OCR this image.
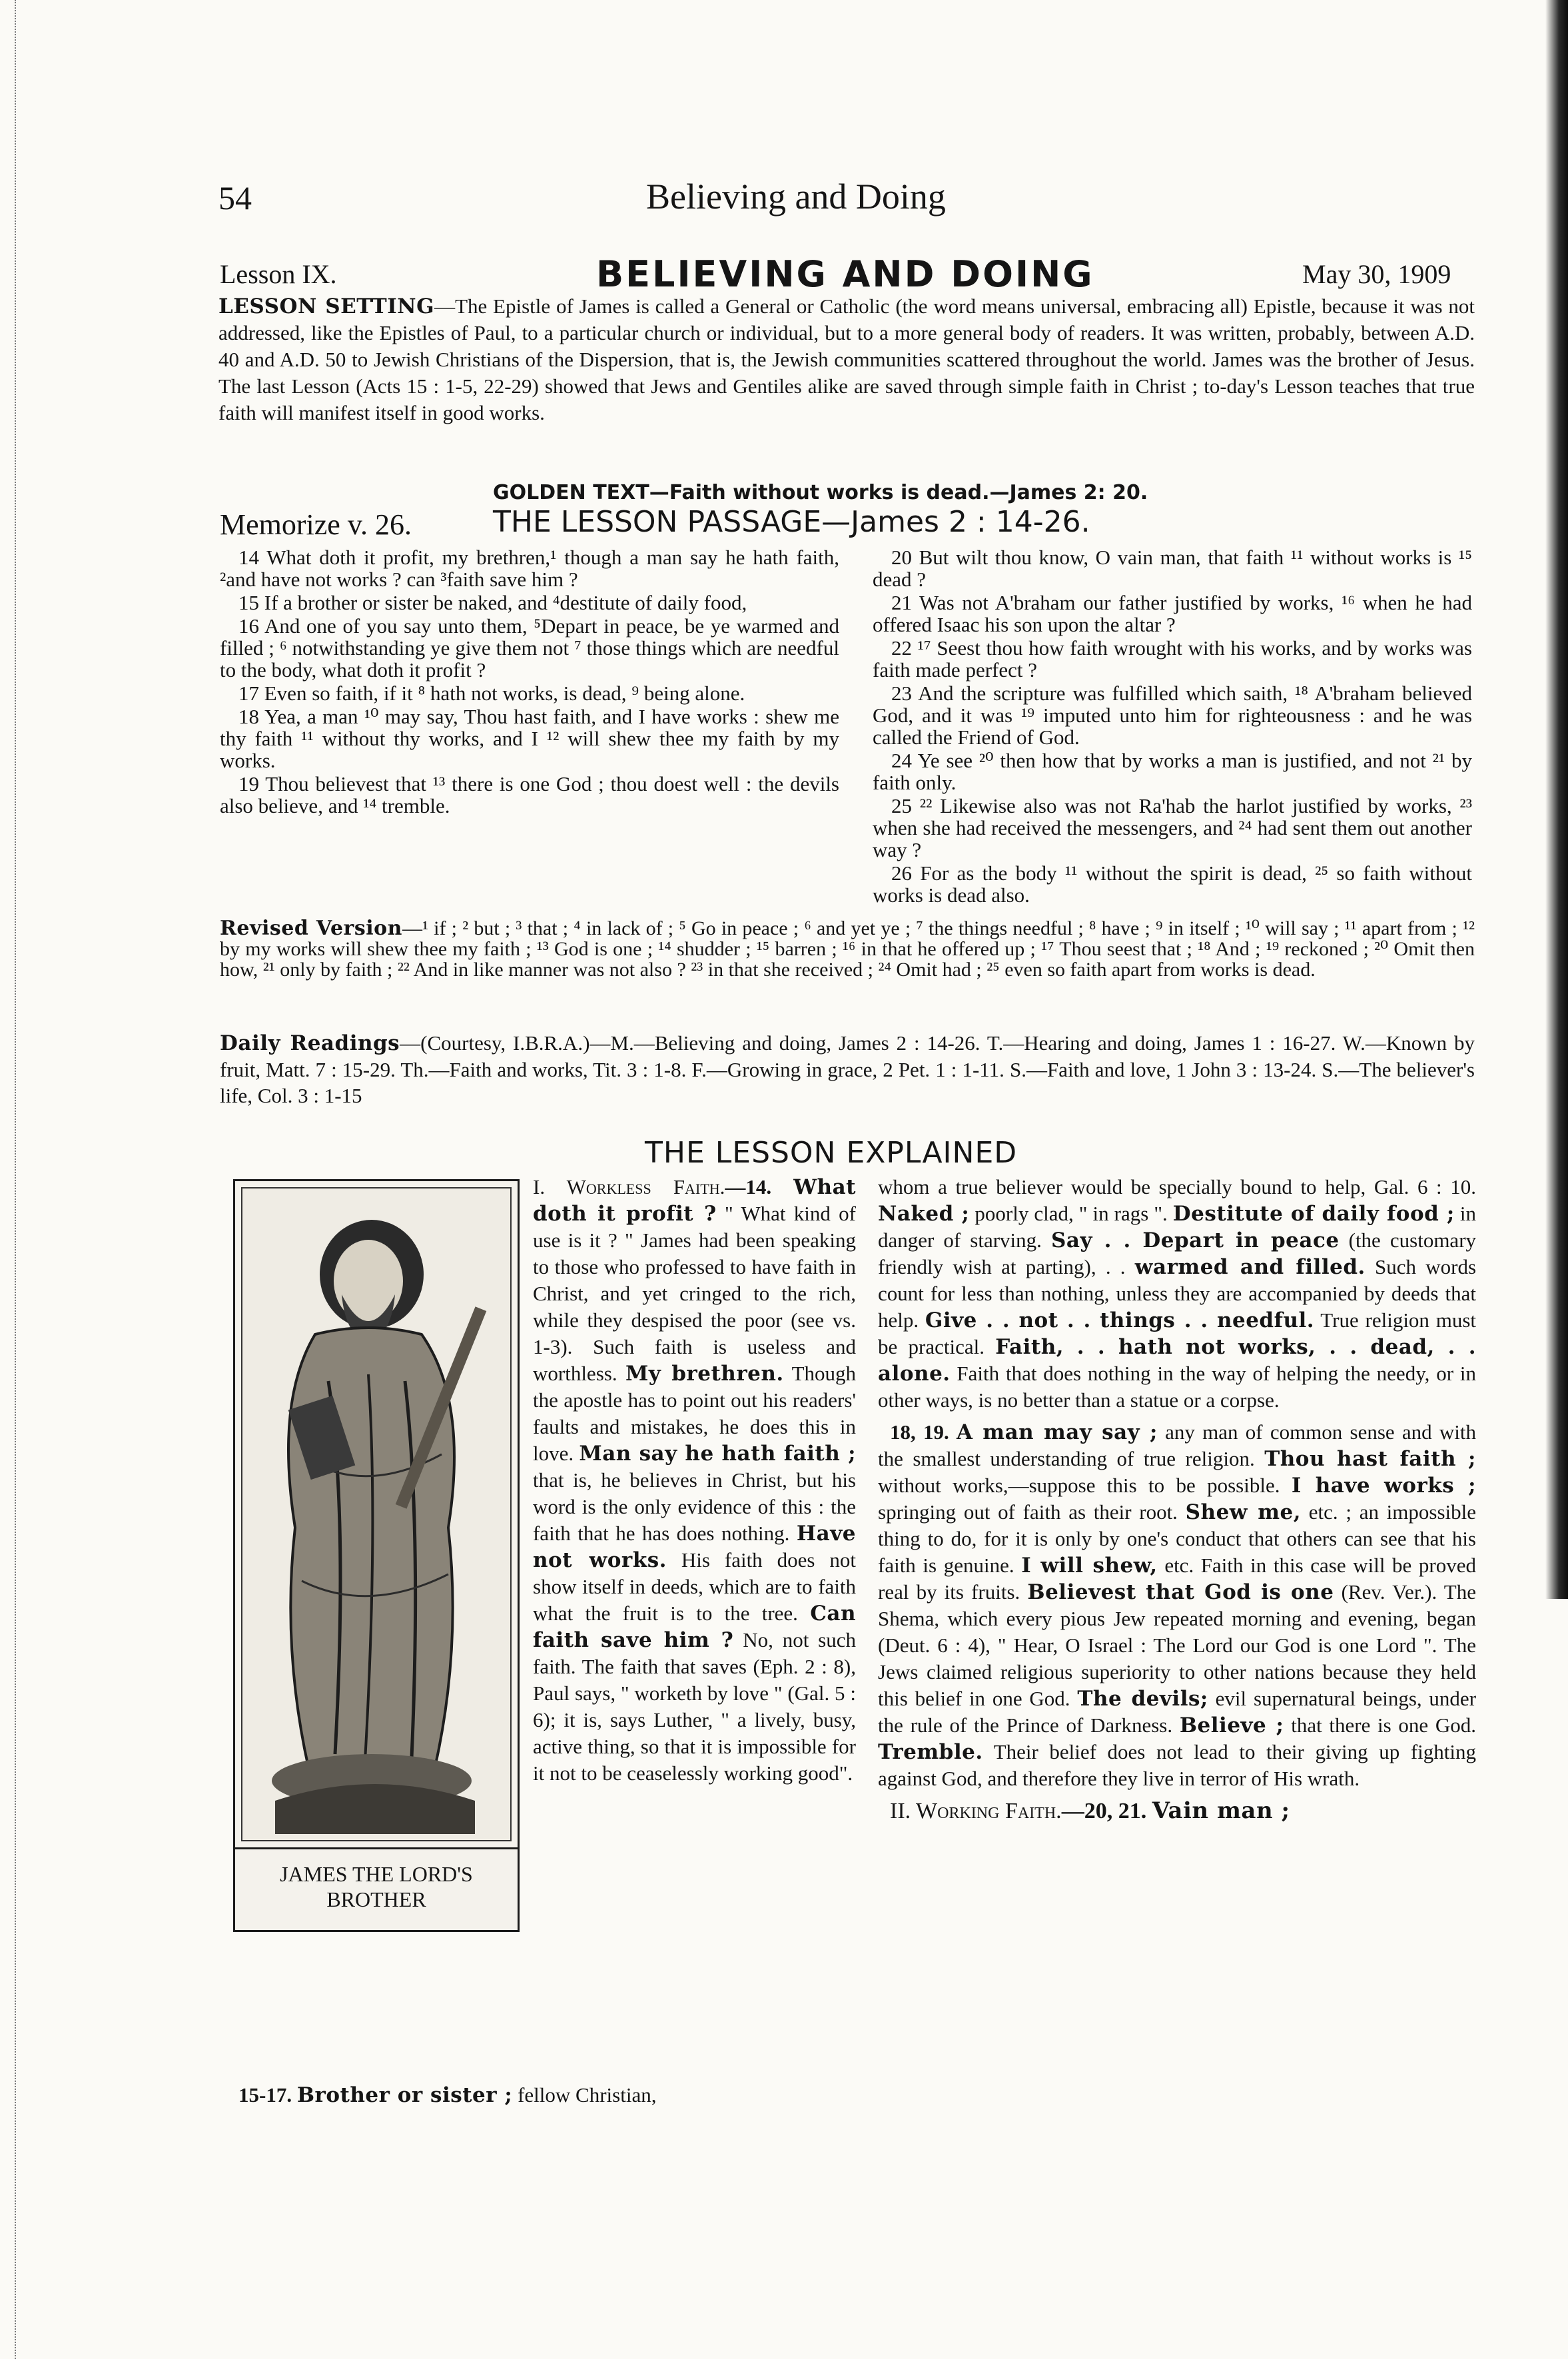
54	Believing and Doing
Lesson IX.	BELIEVING AND DOING	May 30, 1909
LESSON SETTING—The Epistle of James is called a General or Catholic (the word means universal, embracing all) Epistle, because it was not addressed, like the Epistles of Paul, to a particular church or individual, but to a more general body of readers. It was written, probably, between A.D. 40 and A.D. 50 to Jewish Christians of the Dispersion, that is, the Jewish communities scattered throughout the world. James was the brother of Jesus. The last Lesson (Acts 15 : 1-5, 22-29) showed that Jews and Gentiles alike are saved through simple faith in Christ ; to-day's Lesson teaches that true faith will manifest itself in good works.
GOLDEN TEXT—Faith without works is dead.—James 2: 20.
Memorize v. 26.	THE LESSON PASSAGE—James 2 : 14-26.

14 What doth it profit, my brethren,¹ though a man say he hath faith, ²and have not works ? can ³faith save him ?

15 If a brother or sister be naked, and ⁴destitute of daily food,

16 And one of you say unto them, ⁵Depart in peace, be ye warmed and filled ; ⁶ notwithstanding ye give them not ⁷ those things which are needful to the body, what doth it profit ?

17 Even so faith, if it ⁸ hath not works, is dead, ⁹ being alone.

18 Yea, a man ¹⁰ may say, Thou hast faith, and I have works : shew me thy faith ¹¹ without thy works, and I ¹² will shew thee my faith by my works.

19 Thou believest that ¹³ there is one God ; thou doest well : the devils also believe, and ¹⁴ tremble.

20 But wilt thou know, O vain man, that faith ¹¹ without works is ¹⁵ dead ?

21 Was not A'braham our father justified by works, ¹⁶ when he had offered Isaac his son upon the altar ?

22 ¹⁷ Seest thou how faith wrought with his works, and by works was faith made perfect ?

23 And the scripture was fulfilled which saith, ¹⁸ A'braham believed God, and it was ¹⁹ imputed unto him for righteousness : and he was called the Friend of God.

24 Ye see ²⁰ then how that by works a man is justified, and not ²¹ by faith only.

25 ²² Likewise also was not Ra'hab the harlot justified by works, ²³ when she had received the messengers, and ²⁴ had sent them out another way ?

26 For as the body ¹¹ without the spirit is dead, ²⁵ so faith without works is dead also.

Revised Version—¹ if ; ² but ; ³ that ; ⁴ in lack of ; ⁵ Go in peace ; ⁶ and yet ye ; ⁷ the things needful ; ⁸ have ; ⁹ in itself ; ¹⁰ will say ; ¹¹ apart from ; ¹² by my works will shew thee my faith ; ¹³ God is one ; ¹⁴ shudder ; ¹⁵ barren ; ¹⁶ in that he offered up ; ¹⁷ Thou seest that ; ¹⁸ And ; ¹⁹ reckoned ; ²⁰ Omit then how, ²¹ only by faith ; ²² And in like manner was not also ? ²³ in that she received ; ²⁴ Omit had ; ²⁵ even so faith apart from works is dead.
Daily Readings—(Courtesy, I.B.R.A.)—M.—Believing and doing, James 2 : 14-26. T.—Hearing and doing, James 1 : 16-27. W.—Known by fruit, Matt. 7 : 15-29. Th.—Faith and works, Tit. 3 : 1-8. F.—Growing in grace, 2 Pet. 1 : 1-11. S.—Faith and love, 1 John 3 : 13-24. S.—The believer's life, Col. 3 : 1-15
THE LESSON EXPLAINED
JAMES THE LORD'S
BROTHER

I. Workless Faith.—14. What doth it profit ? " What kind of use is it ? " James had been speaking to those who professed to have faith in Christ, and yet cringed to the rich, while they despised the poor (see vs. 1-3). Such faith is useless and worthless. My brethren. Though the apostle has to point out his readers' faults and mistakes, he does this in love. Man say he hath faith ; that is, he believes in Christ, but his word is the only evidence of this : the faith that he has does nothing. Have not works. His faith does not show itself in deeds, which are to faith what the fruit is to the tree. Can faith save him ? No, not such faith. The faith that saves (Eph. 2 : 8), Paul says, " worketh by love " (Gal. 5 : 6); it is, says Luther, " a lively, busy, active thing, so that it is impossible for it not to be ceaselessly working good".

15-17. Brother or sister ; fellow Christian,

whom a true believer would be specially bound to help, Gal. 6 : 10. Naked ; poorly clad, " in rags ". Destitute of daily food ; in danger of starving. Say . . Depart in peace (the customary friendly wish at parting), . . warmed and filled. Such words count for less than nothing, unless they are accompanied by deeds that help. Give . . not . . things . . needful. True religion must be practical. Faith, . . hath not works, . . dead, . . alone. Faith that does nothing in the way of helping the needy, or in other ways, is no better than a statue or a corpse.

18, 19. A man may say ; any man of common sense and with the smallest understanding of true religion. Thou hast faith ; without works,—suppose this to be possible. I have works ; springing out of faith as their root. Shew me, etc. ; an impossible thing to do, for it is only by one's conduct that others can see that his faith is genuine. I will shew, etc. Faith in this case will be proved real by its fruits. Believest that God is one (Rev. Ver.). The Shema, which every pious Jew repeated morning and evening, began (Deut. 6 : 4), " Hear, O Israel : The Lord our God is one Lord ". The Jews claimed religious superiority to other nations because they held this belief in one God. The devils; evil supernatural beings, under the rule of the Prince of Darkness. Believe ; that there is one God. Tremble. Their belief does not lead to their giving up fighting against God, and therefore they live in terror of His wrath.

II. Working Faith.—20, 21. Vain man ;
